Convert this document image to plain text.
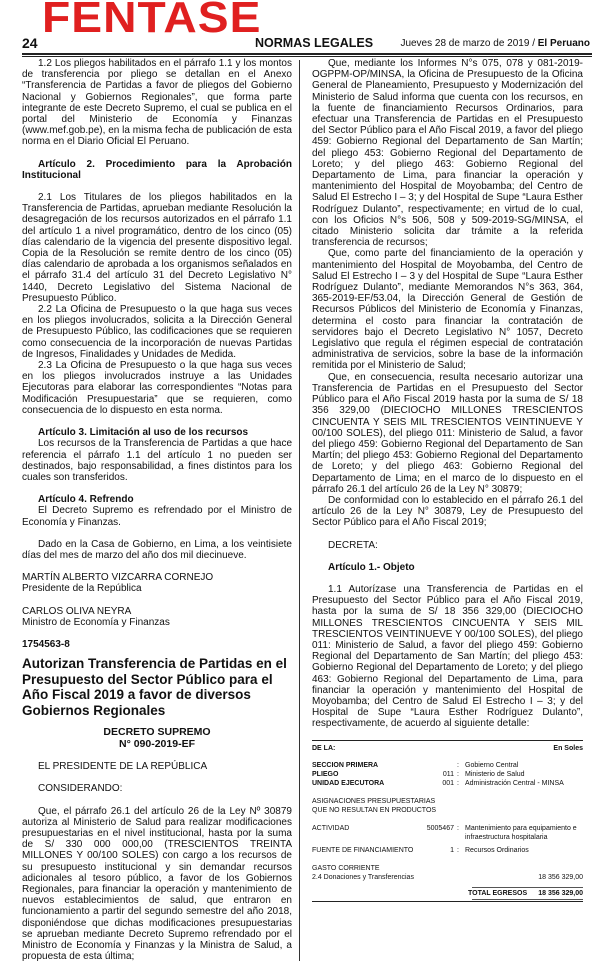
FENTASE
24	NORMAS LEGALES	Jueves 28 de marzo de 2019 / El Peruano

1.2 Los pliegos habilitados en el párrafo 1.1 y los montos de transferencia por pliego se detallan en el Anexo “Transferencia de Partidas a favor de pliegos del Gobierno Nacional y Gobiernos Regionales”, que forma parte integrante de este Decreto Supremo, el cual se publica en el portal del Ministerio de Economía y Finanzas (www.mef.gob.pe), en la misma fecha de publicación de esta norma en el Diario Oficial El Peruano.

Artículo 2. Procedimiento para la Aprobación Institucional

2.1 Los Titulares de los pliegos habilitados en la Transferencia de Partidas, aprueban mediante Resolución la desagregación de los recursos autorizados en el párrafo 1.1 del artículo 1 a nivel programático, dentro de los cinco (05) días calendario de la vigencia del presente dispositivo legal. Copia de la Resolución se remite dentro de los cinco (05) días calendario de aprobada a los organismos señalados en el párrafo 31.4 del artículo 31 del Decreto Legislativo N° 1440, Decreto Legislativo del Sistema Nacional de Presupuesto Público.

2.2 La Oficina de Presupuesto o la que haga sus veces en los pliegos involucrados, solicita a la Dirección General de Presupuesto Público, las codificaciones que se requieren como consecuencia de la incorporación de nuevas Partidas de Ingresos, Finalidades y Unidades de Medida.

2.3 La Oficina de Presupuesto o la que haga sus veces en los pliegos involucrados instruye a las Unidades Ejecutoras para elaborar las correspondientes “Notas para Modificación Presupuestaria” que se requieren, como consecuencia de lo dispuesto en esta norma.

Artículo 3. Limitación al uso de los recursos

Los recursos de la Transferencia de Partidas a que hace referencia el párrafo 1.1 del artículo 1 no pueden ser destinados, bajo responsabilidad, a fines distintos para los cuales son transferidos.

Artículo 4. Refrendo

El Decreto Supremo es refrendado por el Ministro de Economía y Finanzas.

Dado en la Casa de Gobierno, en Lima, a los veintisiete días del mes de marzo del año dos mil diecinueve.

MARTÍN ALBERTO VIZCARRA CORNEJO

Presidente de la República

CARLOS OLIVA NEYRA

Ministro de Economía y Finanzas

1754563-8

Autorizan Transferencia de Partidas en el Presupuesto del Sector Público para el Año Fiscal 2019 a favor de diversos Gobiernos Regionales
DECRETO SUPREMO
N° 090-2019-EF

EL PRESIDENTE DE LA REPÚBLICA

CONSIDERANDO:

Que, el párrafo 26.1 del artículo 26 de la Ley Nº 30879 autoriza al Ministerio de Salud para realizar modificaciones presupuestarias en el nivel institucional, hasta por la suma de S/ 330 000 000,00 (TRESCIENTOS TREINTA MILLONES Y 00/100 SOLES) con cargo a los recursos de su presupuesto institucional y sin demandar recursos adicionales al tesoro público, a favor de los Gobiernos Regionales, para financiar la operación y mantenimiento de nuevos establecimientos de salud, que entraron en funcionamiento a partir del segundo semestre del año 2018, disponiéndose que dichas modificaciones presupuestarias se aprueban mediante Decreto Supremo refrendado por el Ministro de Economía y Finanzas y la Ministra de Salud, a propuesta de esta última;

Que, mediante los Informes N°s 075, 078 y 081-2019-OGPPM-OP/MINSA, la Oficina de Presupuesto de la Oficina General de Planeamiento, Presupuesto y Modernización del Ministerio de Salud informa que cuenta con los recursos, en la fuente de financiamiento Recursos Ordinarios, para efectuar una Transferencia de Partidas en el Presupuesto del Sector Público para el Año Fiscal 2019, a favor del pliego 459: Gobierno Regional del Departamento de San Martín; del pliego 453: Gobierno Regional del Departamento de Loreto; y del pliego 463: Gobierno Regional del Departamento de Lima, para financiar la operación y mantenimiento del Hospital de Moyobamba; del Centro de Salud El Estrecho I – 3; y del Hospital de Supe “Laura Esther Rodríguez Dulanto”, respectivamente; en virtud de lo cual, con los Oficios N°s 506, 508 y 509-2019-SG/MINSA, el citado Ministerio solicita dar trámite a la referida transferencia de recursos;

Que, como parte del financiamiento de la operación y mantenimiento del Hospital de Moyobamba, del Centro de Salud El Estrecho I – 3 y del Hospital de Supe “Laura Esther Rodríguez Dulanto”, mediante Memorandos N°s 363, 364, 365-2019-EF/53.04, la Dirección General de Gestión de Recursos Públicos del Ministerio de Economía y Finanzas, determina el costo para financiar la contratación de servidores bajo el Decreto Legislativo N° 1057, Decreto Legislativo que regula el régimen especial de contratación administrativa de servicios, sobre la base de la información remitida por el Ministerio de Salud;

Que, en consecuencia, resulta necesario autorizar una Transferencia de Partidas en el Presupuesto del Sector Público para el Año Fiscal 2019 hasta por la suma de S/ 18 356 329,00 (DIECIOCHO MILLONES TRESCIENTOS CINCUENTA Y SEIS MIL TRESCIENTOS VEINTINUEVE Y 00/100 SOLES), del pliego 011: Ministerio de Salud, a favor del pliego 459: Gobierno Regional del Departamento de San Martín; del pliego 453: Gobierno Regional del Departamento de Loreto; y del pliego 463: Gobierno Regional del Departamento de Lima; en el marco de lo dispuesto en el párrafo 26.1 del artículo 26 de la Ley N° 30879;

De conformidad con lo establecido en el párrafo 26.1 del artículo 26 de la Ley N° 30879, Ley de Presupuesto del Sector Público para el Año Fiscal 2019;

DECRETA:

Artículo 1.- Objeto

1.1 Autorízase una Transferencia de Partidas en el Presupuesto del Sector Público para el Año Fiscal 2019, hasta por la suma de S/ 18 356 329,00 (DIECIOCHO MILLONES TRESCIENTOS CINCUENTA Y SEIS MIL TRESCIENTOS VEINTINUEVE Y 00/100 SOLES), del pliego 011: Ministerio de Salud, a favor del pliego 459: Gobierno Regional del Departamento de San Martín; del pliego 453: Gobierno Regional del Departamento de Loreto; y del pliego 463: Gobierno Regional del Departamento de Lima, para financiar la operación y mantenimiento del Hospital de Moyobamba; del Centro de Salud El Estrecho I – 3; y del Hospital de Supe “Laura Esther Rodríguez Dulanto”, respectivamente, de acuerdo al siguiente detalle:

DE LA:	En Soles
SECCION PRIMERA	: Gobierno Central
PLIEGO	011 : Ministerio de Salud
UNIDAD EJECUTORA	001 : Administración Central - MINSA
ASIGNACIONES PRESUPUESTARIAS
QUE NO RESULTAN EN PRODUCTOS
ACTIVIDAD	5005467 : Mantenimiento para equipamiento e
infraestructura hospitalaria
FUENTE DE FINANCIAMIENTO	1 : Recursos Ordinarios
GASTO CORRIENTE
2.4 Donaciones y Transferencias	18 356 329,00
TOTAL EGRESOS	18 356 329,00
